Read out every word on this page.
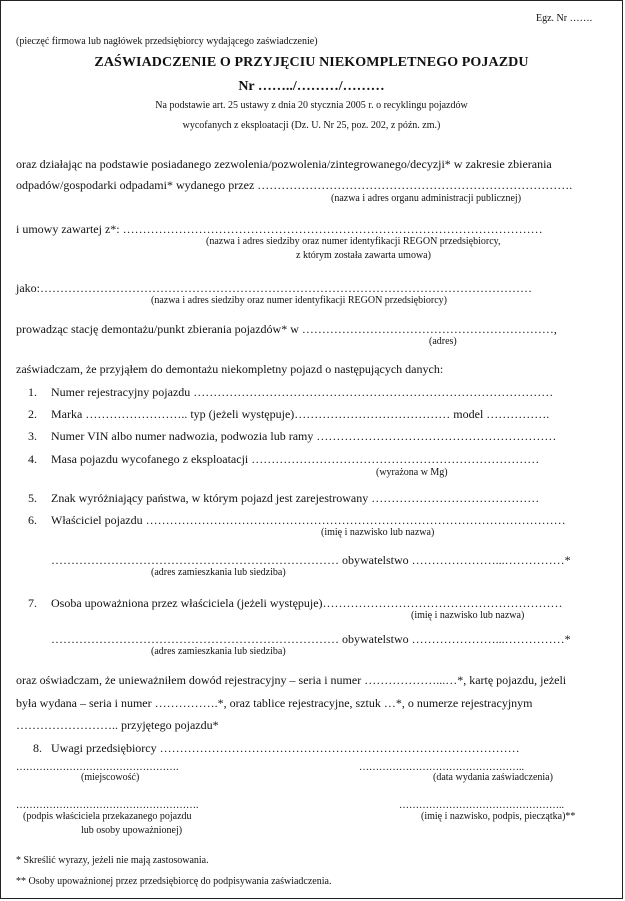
Egz. Nr …….
(pieczęć firmowa lub nagłówek przedsiębiorcy wydającego zaświadczenie)
ZAŚWIADCZENIE O PRZYJĘCIU NIEKOMPLETNEGO POJAZDU
Nr ……../………/………
Na podstawie art. 25 ustawy z dnia 20 stycznia 2005 r. o recyklingu pojazdów
wycofanych z eksploatacji (Dz. U. Nr 25, poz. 202, z późn. zm.)
oraz działając na podstawie posiadanego zezwolenia/pozwolenia/zintegrowanego/decyzji* w zakresie zbierania
odpadów/gospodarki odpadami* wydanego przez …………………………………………………………………….
(nazwa i adres organu administracji publicznej)
i umowy zawartej z*: ……………………………………………………………………………………………
(nazwa i adres siedziby oraz numer identyfikacji REGON przedsiębiorcy,
z którym została zawarta umowa)
jako:……………………………………………………………………………………………………………
(nazwa i adres siedziby oraz numer identyfikacji REGON przedsiębiorcy)
prowadząc stację demontażu/punkt zbierania pojazdów* w ………………………………………………………,
(adres)
zaświadczam, że przyjąłem do demontażu niekompletny pojazd o następujących danych:
1. Numer rejestracyjny pojazdu ………………………………………………………………………………
2. Marka …………………….. typ (jeżeli występuje)………………………………… model …………….
3. Numer VIN albo numer nadwozia, podwozia lub ramy ……………………………………………………
4. Masa pojazdu wycofanego z eksploatacji ………………………………………………………………
(wyrażona w Mg)
5. Znak wyróżniający państwa, w którym pojazd jest zarejestrowany ……………………………………
6. Właściciel pojazdu ……………………………………………………………………………………………
(imię i nazwisko lub nazwa)
……………………………………………………………… obywatelstwo …………………...……………*
(adres zamieszkania lub siedziba)
7. Osoba upoważniona przez właściciela (jeżeli występuje)……………………………………………………
(imię i nazwisko lub nazwa)
……………………………………………………………… obywatelstwo …………………...……………*
(adres zamieszkania lub siedziba)
oraz oświadczam, że unieważniłem dowód rejestracyjny – seria i numer ………………...…*, kartę pojazdu, jeżeli
była wydana – seria i numer …………….*, oraz tablice rejestracyjne, sztuk …*, o numerze rejestracyjnym
…………………….. przyjętego pojazdu*
8. Uwagi przedsiębiorcy ………………………………………………………………………………
………………………………………….
(miejscowość)
…………………………………………..
(data wydania zaświadczenia)
……………………………………………….
(podpis właściciela przekazanego pojazdu
lub osoby upoważnionej)
…………………………………………..
(imię i nazwisko, podpis, pieczątka)**
* Skreślić wyrazy, jeżeli nie mają zastosowania.
** Osoby upoważnionej przez przedsiębiorcę do podpisywania zaświadczenia.
